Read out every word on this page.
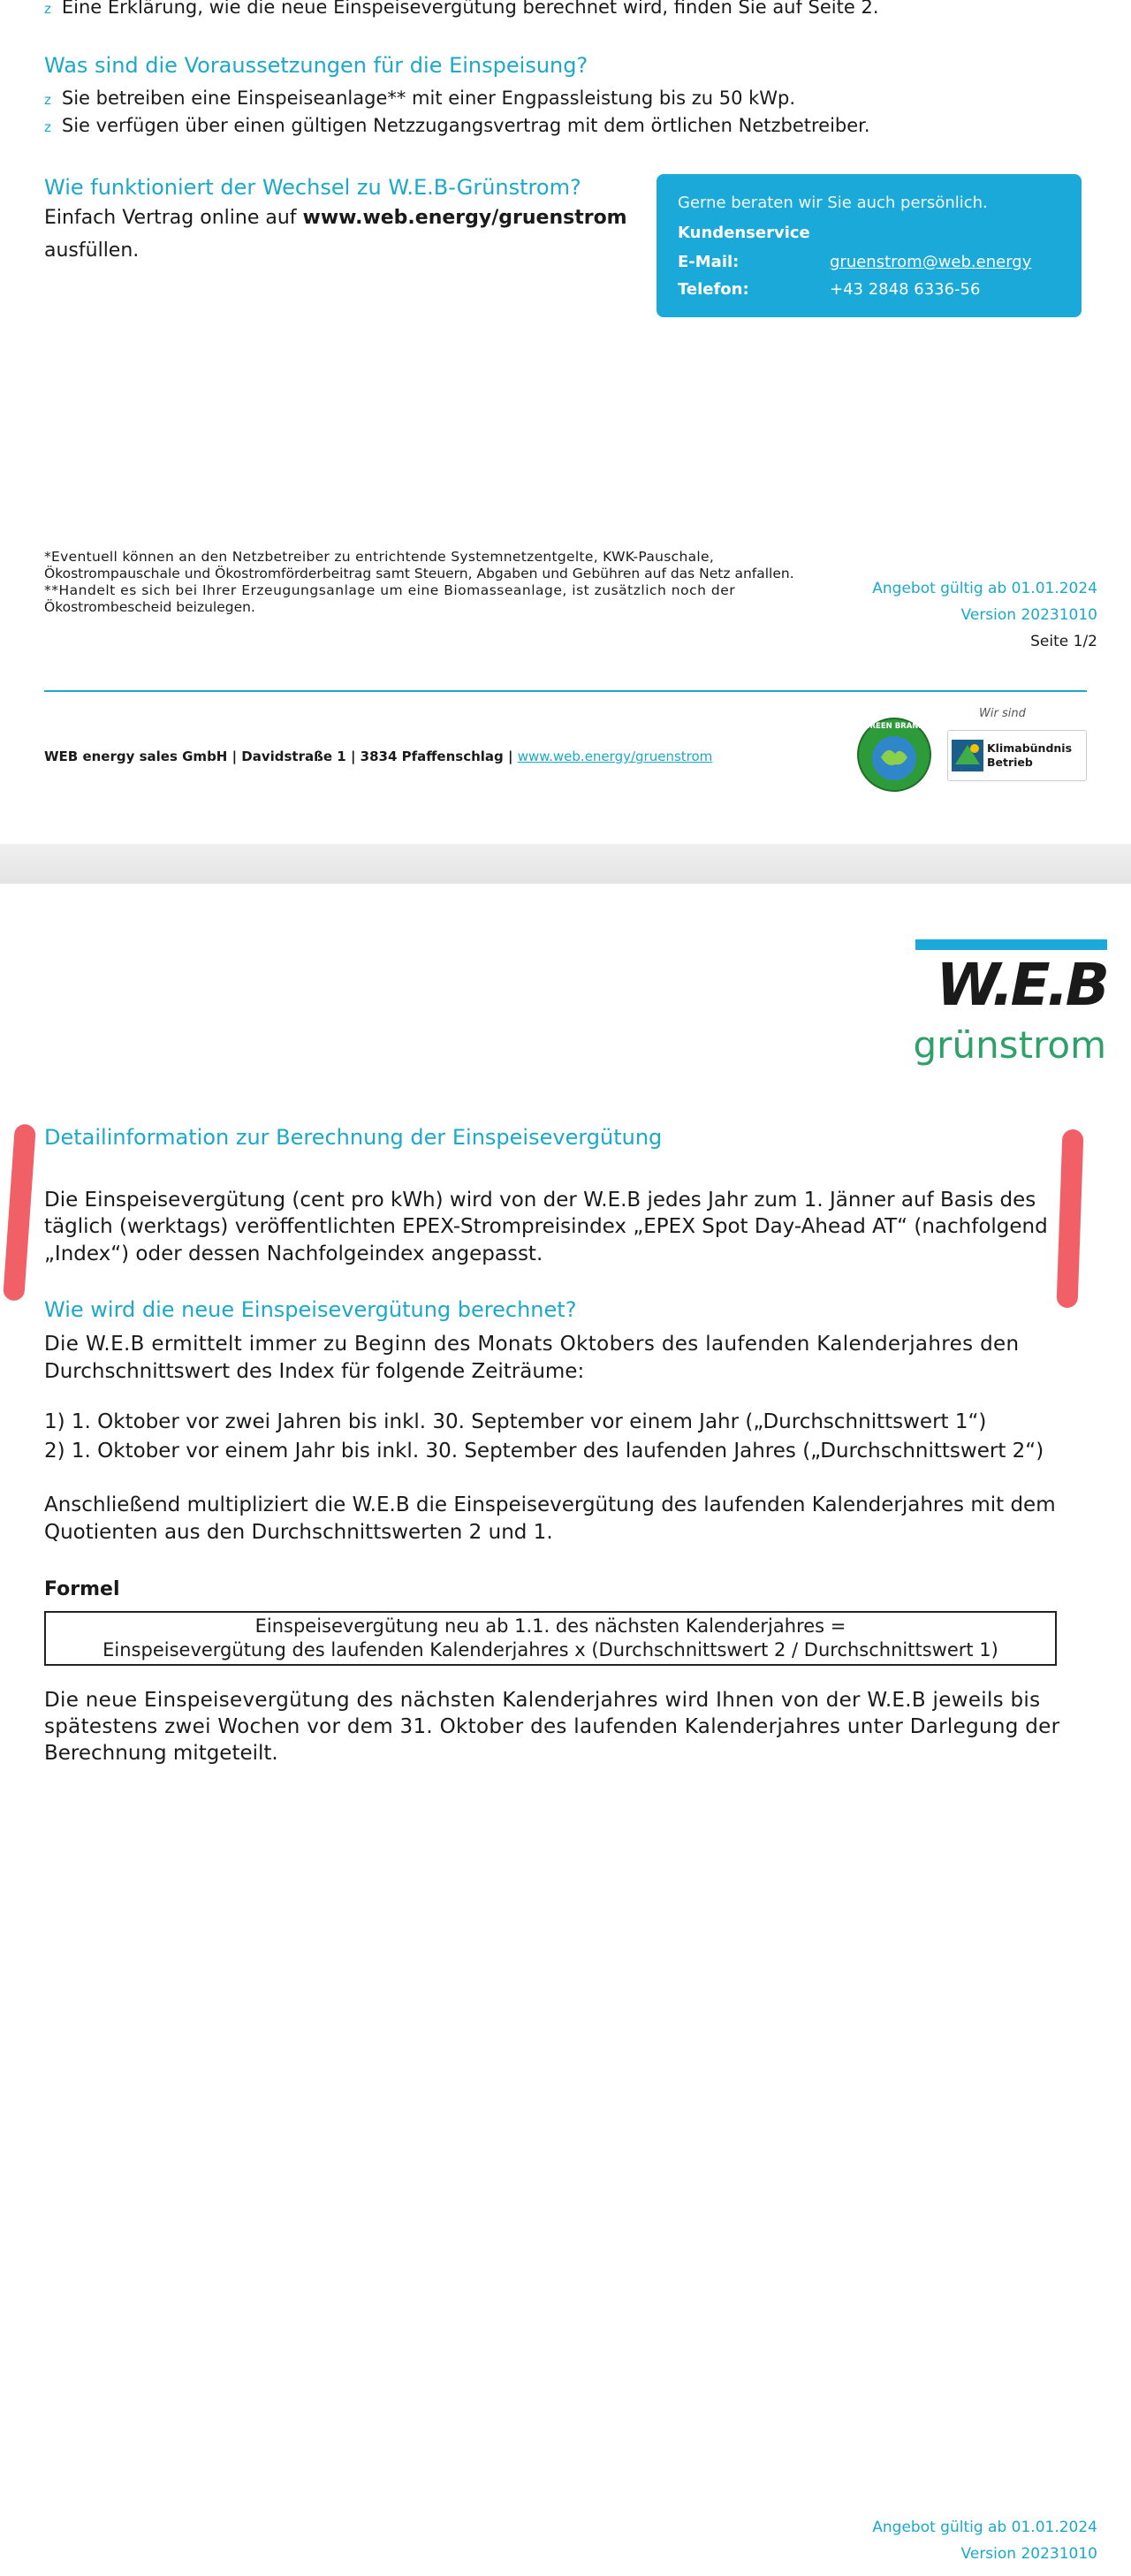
z Eine Erklärung, wie die neue Einspeisevergütung berechnet wird, finden Sie auf Seite 2.
Was sind die Voraussetzungen für die Einspeisung?
z Sie betreiben eine Einspeiseanlage** mit einer Engpassleistung bis zu 50 kWp.
z Sie verfügen über einen gültigen Netzzugangsvertrag mit dem örtlichen Netzbetreiber.
Wie funktioniert der Wechsel zu W.E.B-Grünstrom?
Einfach Vertrag online auf www.web.energy/gruenstrom
ausfüllen.
Gerne beraten wir Sie auch persönlich.
Kundenservice
E-Mail:	gruenstrom@web.energy
Telefon:	+43 2848 6336-56
*Eventuell können an den Netzbetreiber zu entrichtende Systemnetzentgelte, KWK-Pauschale,
Ökostrompauschale und Ökostromförderbeitrag samt Steuern, Abgaben und Gebühren auf das Netz anfallen.
**Handelt es sich bei Ihrer Erzeugungsanlage um eine Biomasseanlage, ist zusätzlich noch der
Ökostrombescheid beizulegen.
Angebot gültig ab 01.01.2024
Version 20231010
Seite 1/2
WEB energy sales GmbH | Davidstraße 1 | 3834 Pfaffenschlag | www.web.energy/gruenstrom
GREEN BRAND
Wir sind
Klimabündnis
Betrieb
W.E.B
grünstrom
Detailinformation zur Berechnung der Einspeisevergütung
Die Einspeisevergütung (cent pro kWh) wird von der W.E.B jedes Jahr zum 1. Jänner auf Basis des
täglich (werktags) veröffentlichten EPEX-Strompreisindex „EPEX Spot Day-Ahead AT“ (nachfolgend
„Index“) oder dessen Nachfolgeindex angepasst.
Wie wird die neue Einspeisevergütung berechnet?
Die W.E.B ermittelt immer zu Beginn des Monats Oktobers des laufenden Kalenderjahres den
Durchschnittswert des Index für folgende Zeiträume:
1) 1. Oktober vor zwei Jahren bis inkl. 30. September vor einem Jahr („Durchschnittswert 1“)
2) 1. Oktober vor einem Jahr bis inkl. 30. September des laufenden Jahres („Durchschnittswert 2“)
Anschließend multipliziert die W.E.B die Einspeisevergütung des laufenden Kalenderjahres mit dem
Quotienten aus den Durchschnittswerten 2 und 1.
Formel
Einspeisevergütung neu ab 1.1. des nächsten Kalenderjahres =
Einspeisevergütung des laufenden Kalenderjahres x (Durchschnittswert 2 / Durchschnittswert 1)
Die neue Einspeisevergütung des nächsten Kalenderjahres wird Ihnen von der W.E.B jeweils bis
spätestens zwei Wochen vor dem 31. Oktober des laufenden Kalenderjahres unter Darlegung der
Berechnung mitgeteilt.
Angebot gültig ab 01.01.2024
Version 20231010
